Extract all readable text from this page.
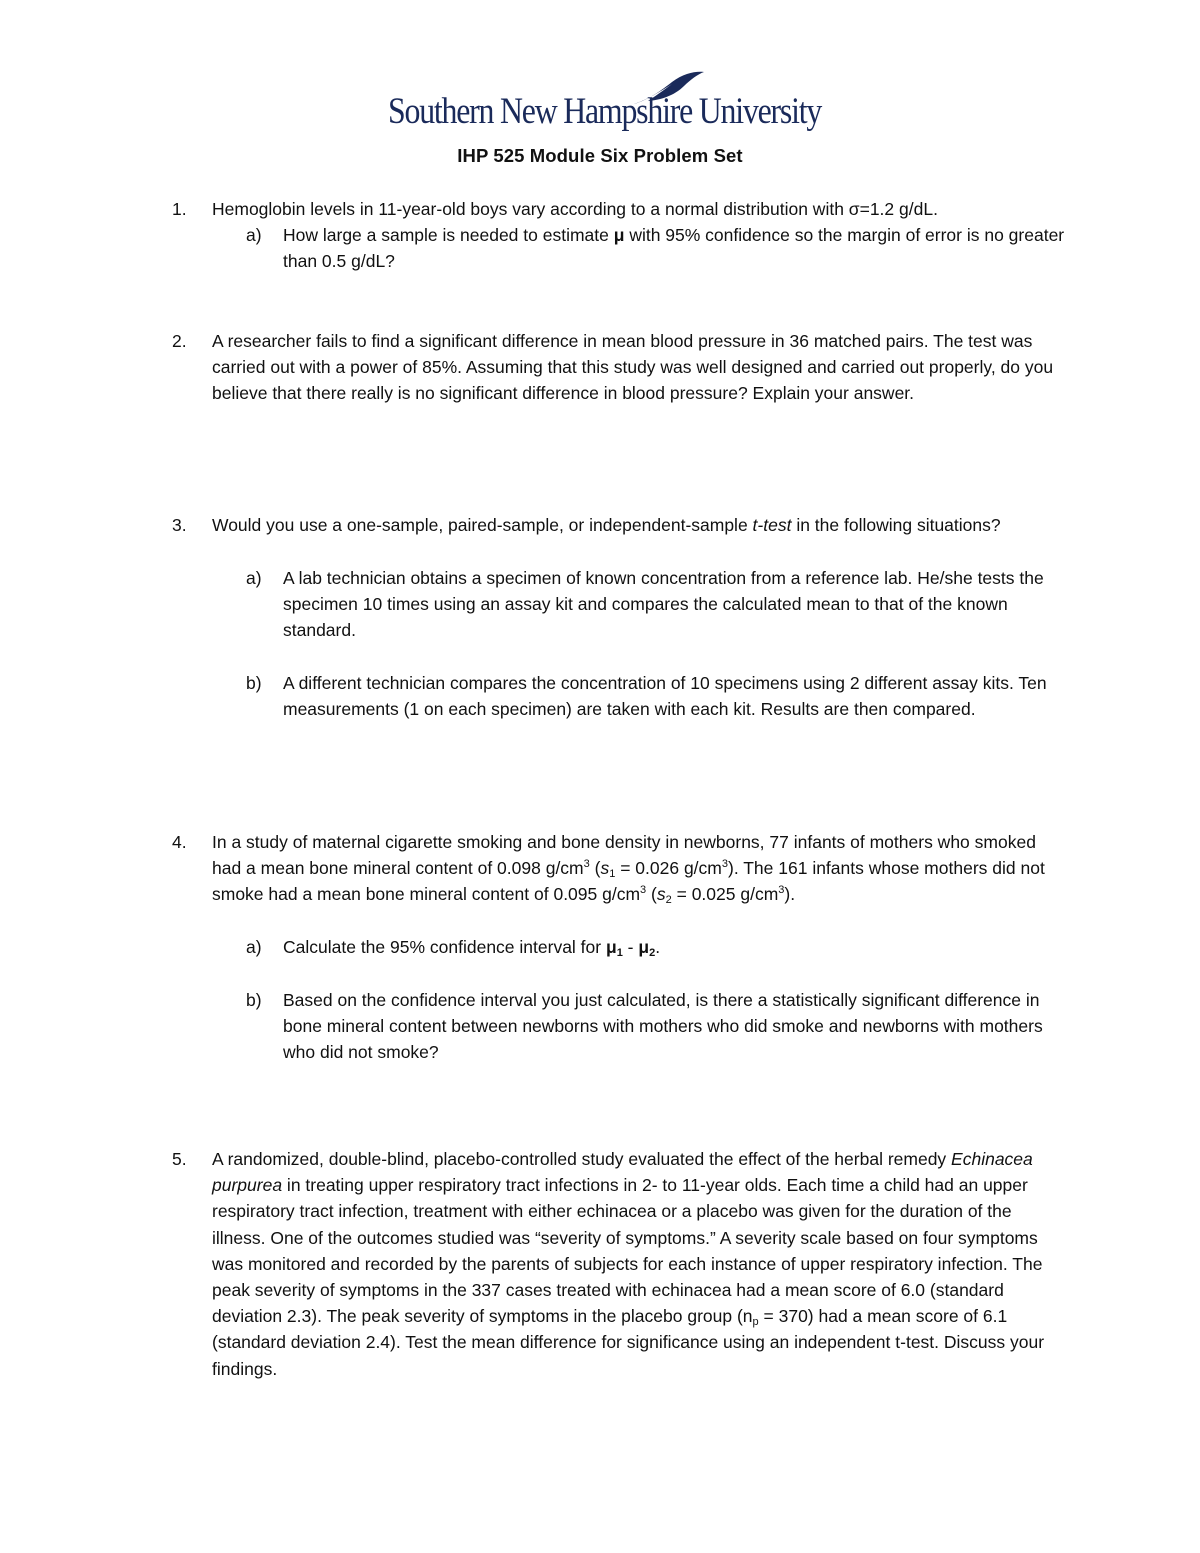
Southern New Hampshire University
IHP 525 Module Six Problem Set
1. Hemoglobin levels in 11-year-old boys vary according to a normal distribution with σ=1.2 g/dL.
a) How large a sample is needed to estimate μ with 95% confidence so the margin of error is no greater than 0.5 g/dL?
2. A researcher fails to find a significant difference in mean blood pressure in 36 matched pairs. The test was carried out with a power of 85%. Assuming that this study was well designed and carried out properly, do you believe that there really is no significant difference in blood pressure? Explain your answer.
3. Would you use a one-sample, paired-sample, or independent-sample t-test in the following situations?
a) A lab technician obtains a specimen of known concentration from a reference lab. He/she tests the specimen 10 times using an assay kit and compares the calculated mean to that of the known standard.
b) A different technician compares the concentration of 10 specimens using 2 different assay kits. Ten measurements (1 on each specimen) are taken with each kit. Results are then compared.
4. In a study of maternal cigarette smoking and bone density in newborns, 77 infants of mothers who smoked had a mean bone mineral content of 0.098 $g/cm^3$ ($s_1 = 0.026$ $g/cm^3$). The 161 infants whose mothers did not smoke had a mean bone mineral content of 0.095 $g/cm^3$ ($s_2 = 0.025$ $g/cm^3$).
a) Calculate the 95% confidence interval for $\mu_1 - \mu_2$.
b) Based on the confidence interval you just calculated, is there a statistically significant difference in bone mineral content between newborns with mothers who did smoke and newborns with mothers who did not smoke?
5. A randomized, double-blind, placebo-controlled study evaluated the effect of the herbal remedy Echinacea purpurea in treating upper respiratory tract infections in 2- to 11-year olds. Each time a child had an upper respiratory tract infection, treatment with either echinacea or a placebo was given for the duration of the illness. One of the outcomes studied was “severity of symptoms.” A severity scale based on four symptoms was monitored and recorded by the parents of subjects for each instance of upper respiratory infection. The peak severity of symptoms in the 337 cases treated with echinacea had a mean score of 6.0 (standard deviation 2.3). The peak severity of symptoms in the placebo group $(n_p = 370)$ had a mean score of 6.1 (standard deviation 2.4). Test the mean difference for significance using an independent t-test. Discuss your findings.
